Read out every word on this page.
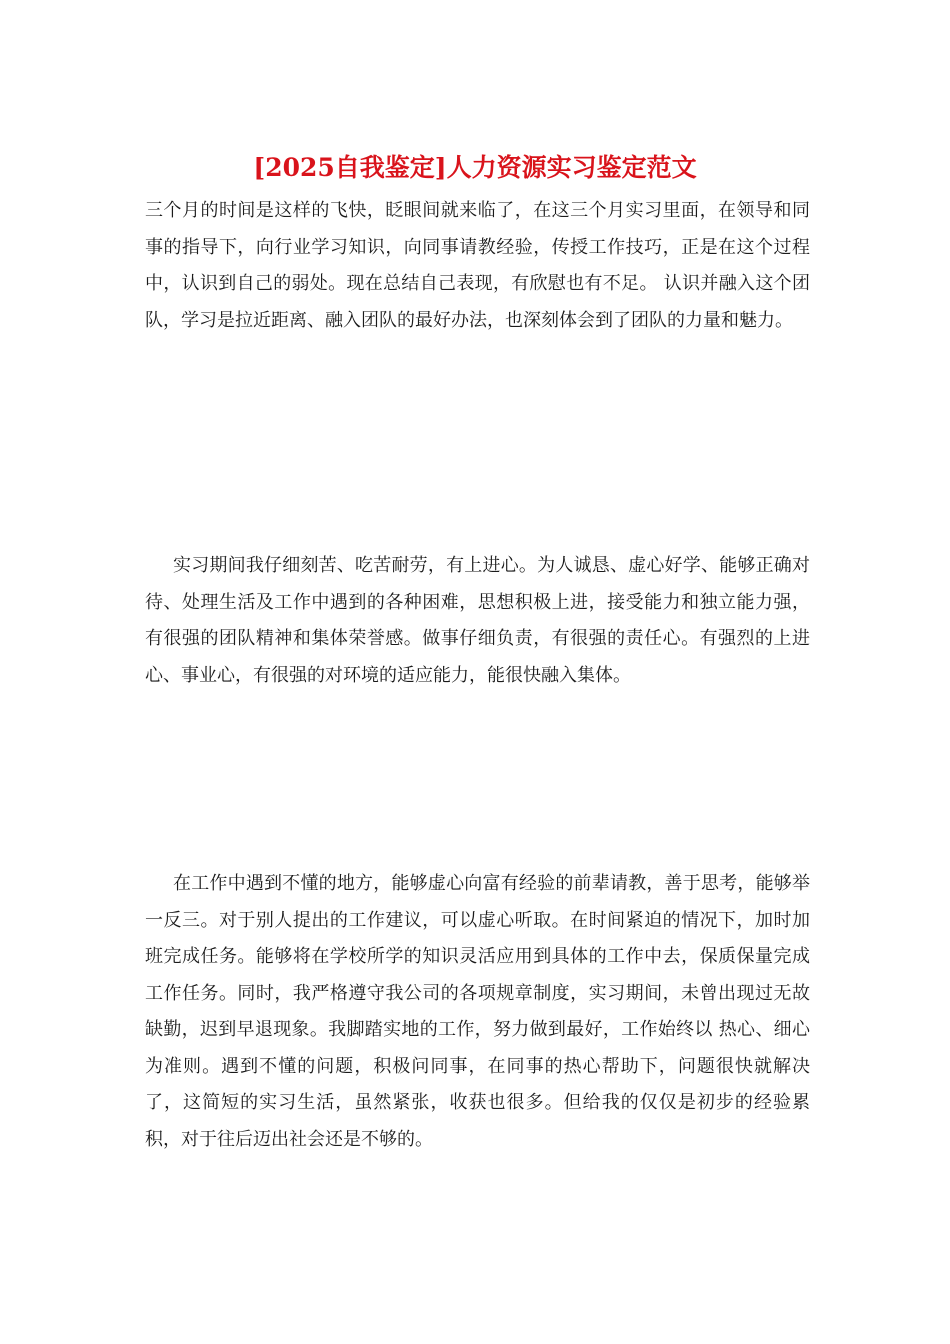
[2025自我鉴定]人力资源实习鉴定范文

三个月的时间是这样的飞快，眨眼间就来临了，在这三个月实习里面，在领导和同事的指导下，向行业学习知识，向同事请教经验，传授工作技巧，正是在这个过程中，认识到自己的弱处。现在总结自己表现，有欣慰也有不足。 认识并融入这个团队，学习是拉近距离、融入团队的最好办法，也深刻体会到了团队的力量和魅力。

实习期间我仔细刻苦、吃苦耐劳，有上进心。为人诚恳、虚心好学、能够正确对待、处理生活及工作中遇到的各种困难，思想积极上进，接受能力和独立能力强，有很强的团队精神和集体荣誉感。做事仔细负责，有很强的责任心。有强烈的上进心、事业心，有很强的对环境的适应能力，能很快融入集体。

在工作中遇到不懂的地方，能够虚心向富有经验的前辈请教，善于思考，能够举一反三。对于别人提出的工作建议，可以虚心听取。在时间紧迫的情况下，加时加班完成任务。能够将在学校所学的知识灵活应用到具体的工作中去，保质保量完成工作任务。同时，我严格遵守我公司的各项规章制度，实习期间，未曾出现过无故缺勤，迟到早退现象。我脚踏实地的工作，努力做到最好，工作始终以 热心、细心 为准则。遇到不懂的问题，积极问同事，在同事的热心帮助下，问题很快就解决了，这简短的实习生活，虽然紧张，收获也很多。但给我的仅仅是初步的经验累积，对于往后迈出社会还是不够的。
